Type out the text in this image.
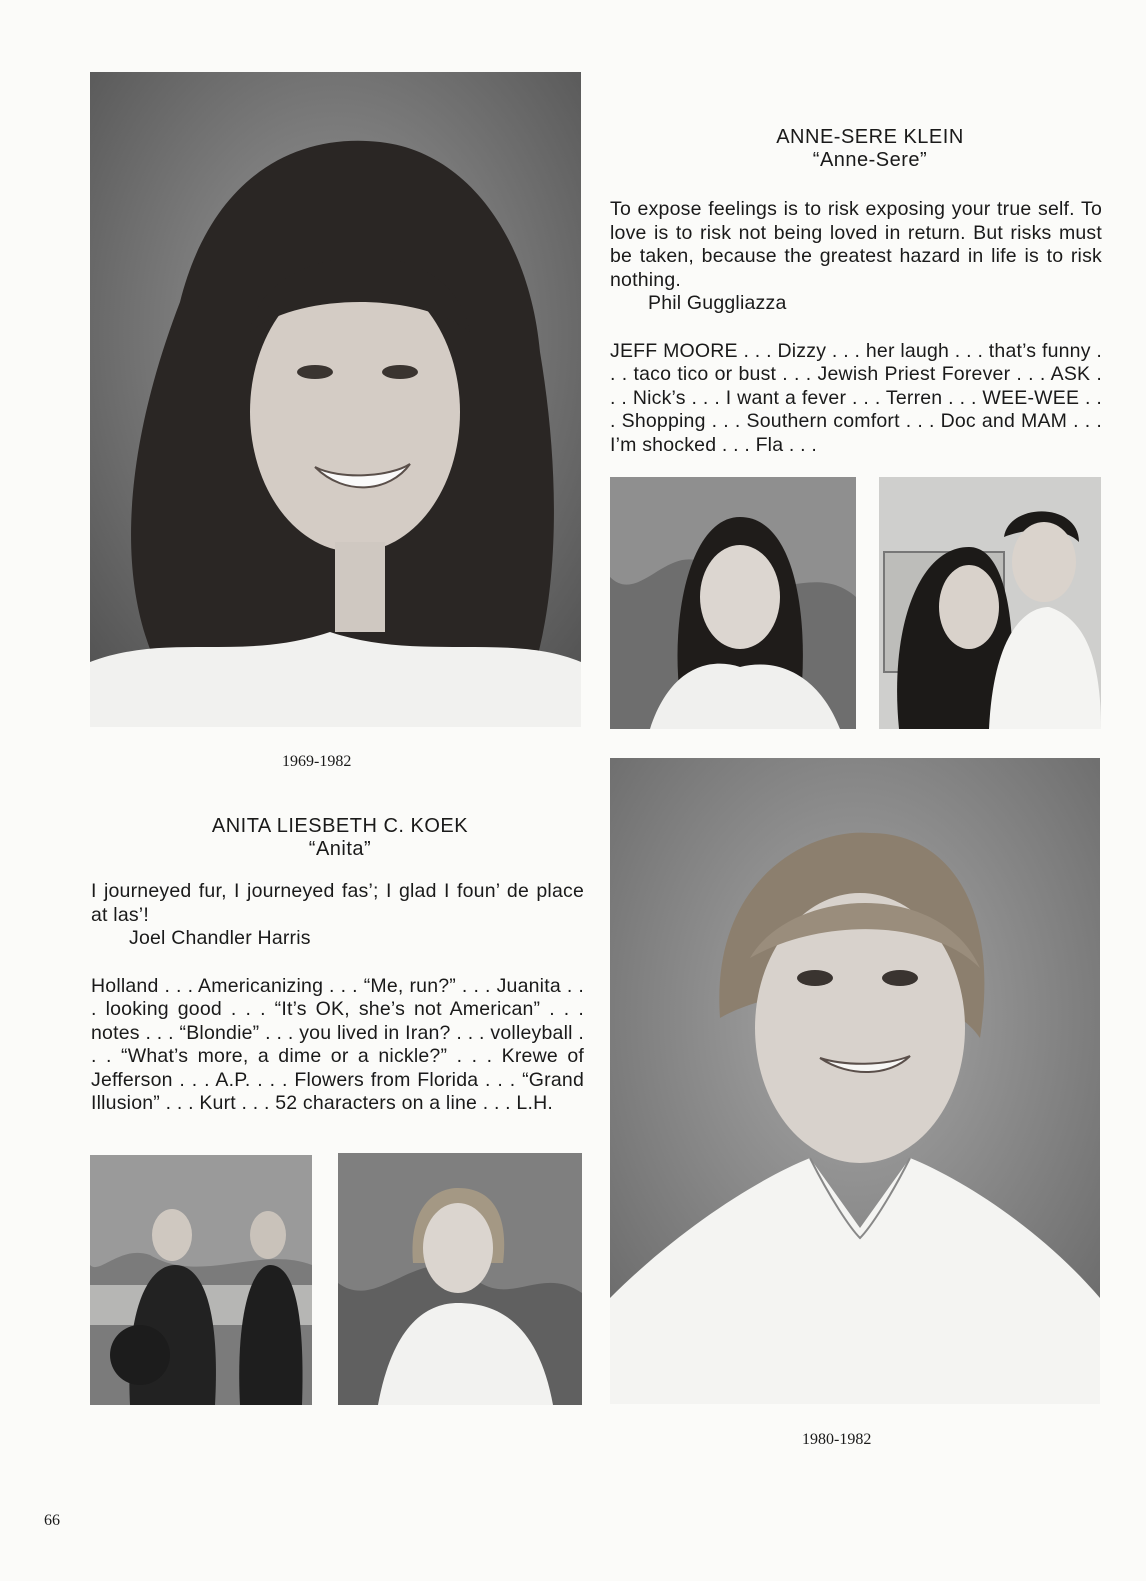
ANNE-SERE KLEIN
“Anne-Sere”

To expose feelings is to risk exposing your true self. To love is to risk not being loved in return. But risks must be taken, because the greatest hazard in life is to risk nothing.

Phil Guggliazza

JEFF MOORE . . . Dizzy . . . her laugh . . . that’s funny . . . taco tico or bust . . . Jewish Priest Forever . . . ASK . . . Nick’s . . . I want a fever . . . Terren . . . WEE-WEE . . . Shopping . . . Southern comfort . . . Doc and MAM . . . I’m shocked . . . Fla . . .

1969-1982
ANITA LIESBETH C. KOEK
“Anita”

I journeyed fur, I journeyed fas’; I glad I foun’ de place at las’!

Joel Chandler Harris

Holland . . . Americanizing . . . “Me, run?” . . . Juanita . . . looking good . . . “It’s OK, she’s not American” . . . notes . . . “Blondie” . . . you lived in Iran? . . . volleyball . . . “What’s more, a dime or a nickle?” . . . Krewe of Jefferson . . . A.P. . . . Flowers from Florida . . . “Grand Illusion” . . . Kurt . . . 52 characters on a line . . . L.H.

1980-1982
66
